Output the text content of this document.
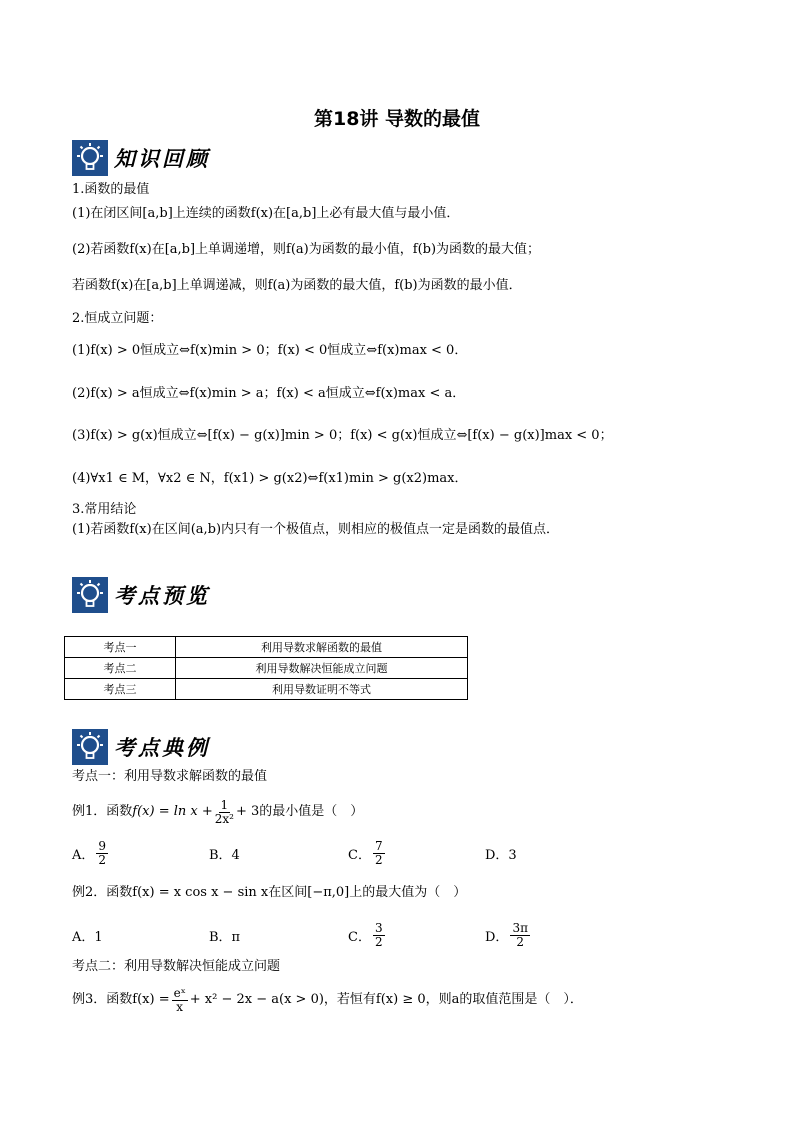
第18讲 导数的最值
知识回顾
1.函数的最值
(1)在闭区间[a,b]上连续的函数f(x)在[a,b]上必有最大值与最小值．
(2)若函数f(x)在[a,b]上单调递增，则f(a)为函数的最小值，f(b)为函数的最大值；
若函数f(x)在[a,b]上单调递减，则f(a)为函数的最大值，f(b)为函数的最小值．
2.恒成立问题：
(1)f(x) > 0恒成立⇔f(x)min > 0；f(x) < 0恒成立⇔f(x)max < 0．
(2)f(x) > a恒成立⇔f(x)min > a；f(x) < a恒成立⇔f(x)max < a．
(3)f(x) > g(x)恒成立⇔[f(x) − g(x)]min > 0；f(x) < g(x)恒成立⇔[f(x) − g(x)]max < 0；
(4)∀x1 ∈ M，∀x2 ∈ N，f(x1) > g(x2)⇔f(x1)min > g(x2)max．
3.常用结论
(1)若函数f(x)在区间(a,b)内只有一个极值点，则相应的极值点一定是函数的最值点．
考点预览
考点一	利用导数求解函数的最值
考点二	利用导数解决恒能成立问题
考点三	利用导数证明不等式
考点典例
考点一：利用导数求解函数的最值
例1．函数 $f(x) = \ln x + \frac{1}{\text{2x²}} + 3$的最小值是（　）
A． $\frac{9}{2}$	B．4	C． $\frac{7}{2}$	D．3
例2．函数f(x) = x cos x − sin x在区间[−π,0]上的最大值为（　）
A．1	B．π	C． $\frac{3}{2}$	D． $\frac{3\pi}{2}$
考点二：利用导数解决恒能成立问题
例3．函数$f(x) = \frac{\text{eˣ}}{x} + x^2 - 2x - a(x > 0)$，若恒有f(x) ≥ 0，则a的取值范围是（　）．
